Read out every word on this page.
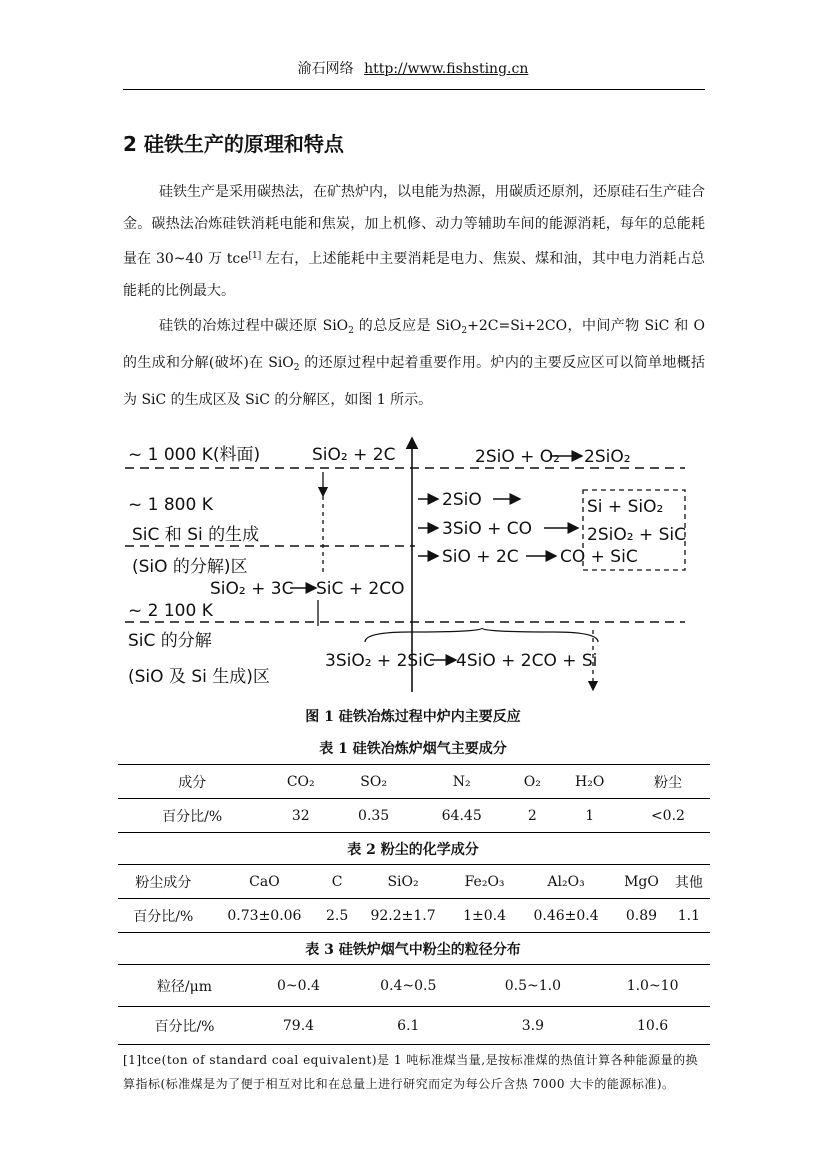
渝石网络 http://www.fishsting.cn
2 硅铁生产的原理和特点

硅铁生产是采用碳热法，在矿热炉内，以电能为热源，用碳质还原剂，还原硅石生产硅合金。碳热法冶炼硅铁消耗电能和焦炭，加上机修、动力等辅助车间的能源消耗，每年的总能耗量在 30~40 万 tce[1] 左右，上述能耗中主要消耗是电力、焦炭、煤和油，其中电力消耗占总能耗的比例最大。

硅铁的冶炼过程中碳还原 SiO$_2$ 的总反应是 SiO$_2$+2C=Si+2CO，中间产物 SiC 和 O 的生成和分解(破坏)在 SiO$_2$ 的还原过程中起着重要作用。炉内的主要反应区可以简单地概括为 SiC 的生成区及 SiC 的分解区，如图 1 所示。

~ 1 000 K(料面)
~ 1 800 K
SiC 和 Si 的生成
(SiO 的分解)区
~ 2 100 K
SiC 的分解
(SiO 及 Si 生成)区
SiO₂ + 2C	2SiO + O₂ 2SiO₂
2SiO
3SiO + CO
SiO + 2C CO + SiC
Si + SiO₂
2SiO₂ + SiC
SiO₂ + 3C SiC + 2CO
3SiO₂ + 2SiC 4SiO + 2CO + Si
图 1 硅铁冶炼过程中炉内主要反应
表 1 硅铁冶炼炉烟气主要成分
成分	CO₂	SO₂	N₂	O₂	H₂O	粉尘
百分比/%	32	0.35	64.45	2	1	<0.2
表 2 粉尘的化学成分
粉尘成分	CaO	C	SiO₂	Fe₂O₃	Al₂O₃	MgO	其他
百分比/%	0.73±0.06	2.5	92.2±1.7	1±0.4	0.46±0.4	0.89	1.1
表 3 硅铁炉烟气中粉尘的粒径分布
粒径/μm	0~0.4	0.4~0.5	0.5~1.0	1.0~10
百分比/%	79.4	6.1	3.9	10.6
[1]tce(ton of standard coal equivalent)是 1 吨标准煤当量,是按标准煤的热值计算各种能源量的换算指标(标准煤是为了便于相互对比和在总量上进行研究而定为每公斤含热 7000 大卡的能源标准)。
